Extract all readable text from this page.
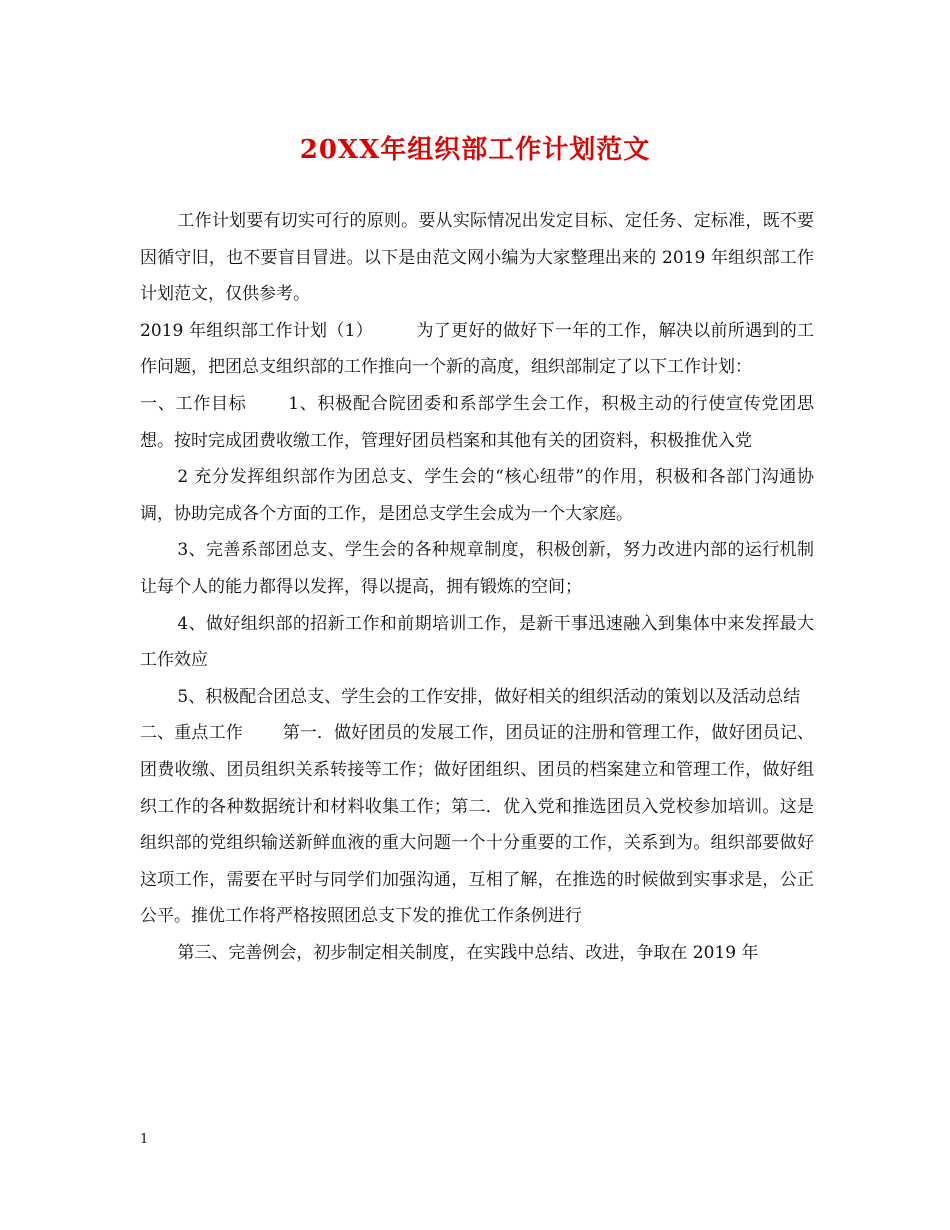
20XX年组织部工作计划范文

工作计划要有切实可行的原则。要从实际情况出发定目标、定任务、定标准，既不要因循守旧，也不要盲目冒进。以下是由范文网小编为大家整理出来的 2019 年组织部工作计划范文，仅供参考。

2019 年组织部工作计划（1）　　　为了更好的做好下一年的工作，解决以前所遇到的工作问题，把团总支组织部的工作推向一个新的高度，组织部制定了以下工作计划：

一、工作目标　　 1、积极配合院团委和系部学生会工作，积极主动的行使宣传党团思想。按时完成团费收缴工作，管理好团员档案和其他有关的团资料，积极推优入党

2 充分发挥组织部作为团总支、学生会的“核心纽带”的作用，积极和各部门沟通协调，协助完成各个方面的工作，是团总支学生会成为一个大家庭。

3、完善系部团总支、学生会的各种规章制度，积极创新，努力改进内部的运行机制让每个人的能力都得以发挥，得以提高，拥有锻炼的空间；

4、做好组织部的招新工作和前期培训工作，是新干事迅速融入到集体中来发挥最大工作效应

5、积极配合团总支、学生会的工作安排，做好相关的组织活动的策划以及活动总结

二、重点工作　　 第一．做好团员的发展工作，团员证的注册和管理工作，做好团员记、团费收缴、团员组织关系转接等工作；做好团组织、团员的档案建立和管理工作，做好组织工作的各种数据统计和材料收集工作；第二．优入党和推选团员入党校参加培训。这是组织部的党组织输送新鲜血液的重大问题一个十分重要的工作，关系到为。组织部要做好这项工作，需要在平时与同学们加强沟通，互相了解，在推选的时候做到实事求是，公正公平。推优工作将严格按照团总支下发的推优工作条例进行

第三、完善例会，初步制定相关制度，在实践中总结、改进，争取在 2019 年

1
